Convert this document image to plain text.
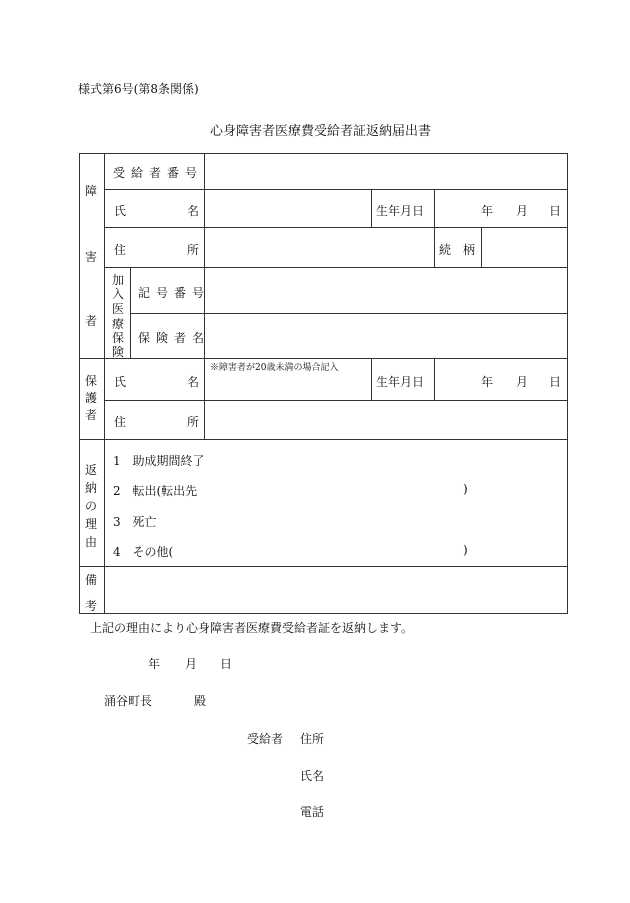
様式第6号(第8条関係)
心身障害者医療費受給者証返納届出書
障
害
者
受給者番号
氏	名	生年月日	年 月 日
住	所	続　柄
加
入
医
療
保
険
記号番号
保険者名
保
護
者
氏	名
※障害者が20歳未満の場合記入
生年月日	年 月 日
住	所
返
納
の
理
由
1 助成期間終了
2 転出(転出先	)
3 死亡
4 その他(	)
備
考
上記の理由により心身障害者医療費受給者証を返納します。
年 月 日
涌谷町長	殿
受給者 住所
氏名
電話
